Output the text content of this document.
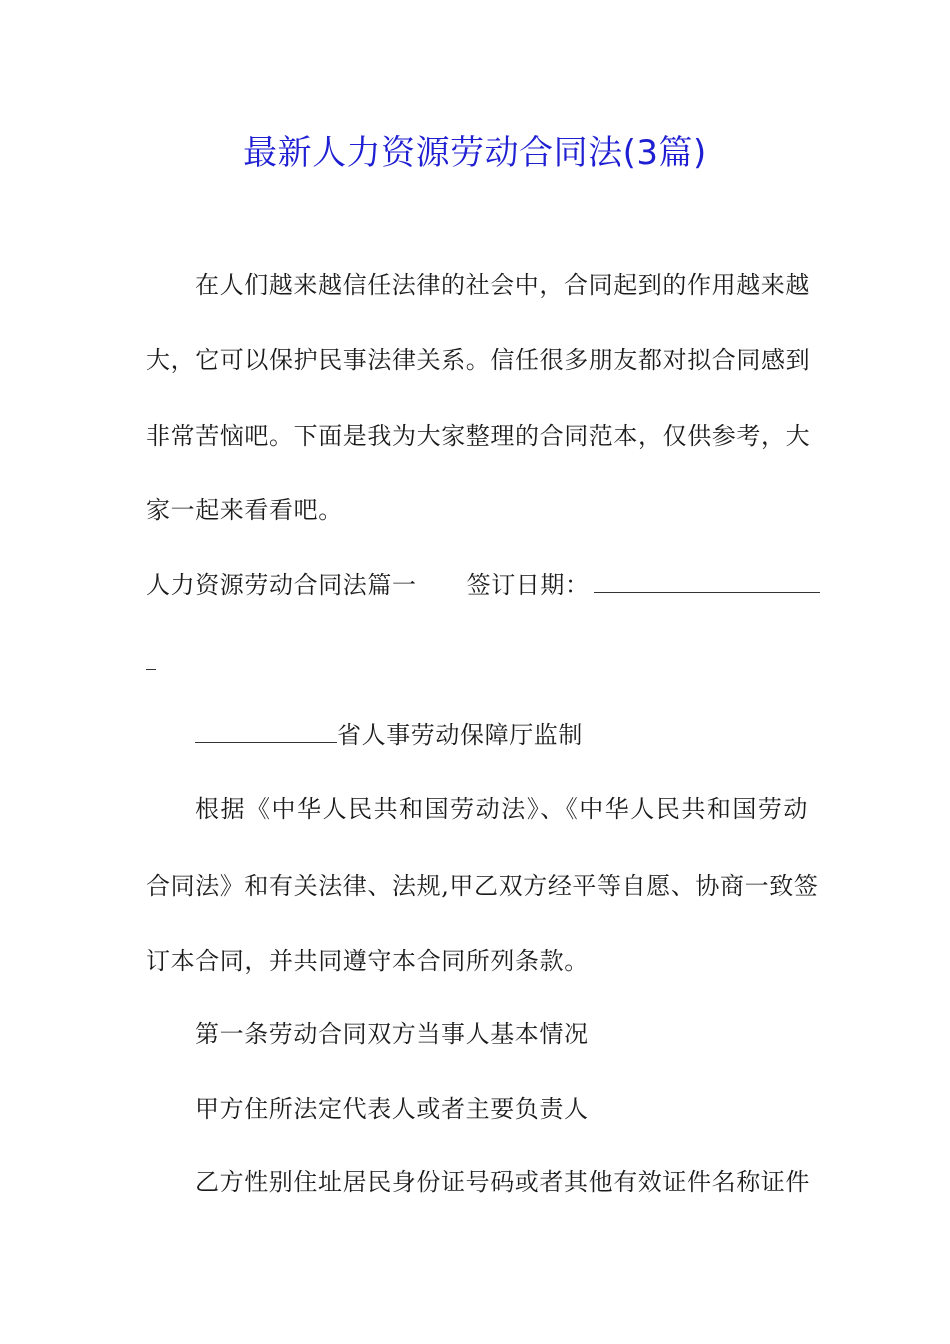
最新人力资源劳动合同法(3篇)
在人们越来越信任法律的社会中，合同起到的作用越来越
大，它可以保护民事法律关系。信任很多朋友都对拟合同感到
非常苦恼吧。下面是我为大家整理的合同范本，仅供参考，大
家一起来看看吧。
人力资源劳动合同法篇一 签订日期：
省人事劳动保障厅监制
根据《中华人民共和国劳动法》、《中华人民共和国劳动
合同法》和有关法律、法规,甲乙双方经平等自愿、协商一致签
订本合同，并共同遵守本合同所列条款。
第一条劳动合同双方当事人基本情况
甲方住所法定代表人或者主要负责人
乙方性别住址居民身份证号码或者其他有效证件名称证件
